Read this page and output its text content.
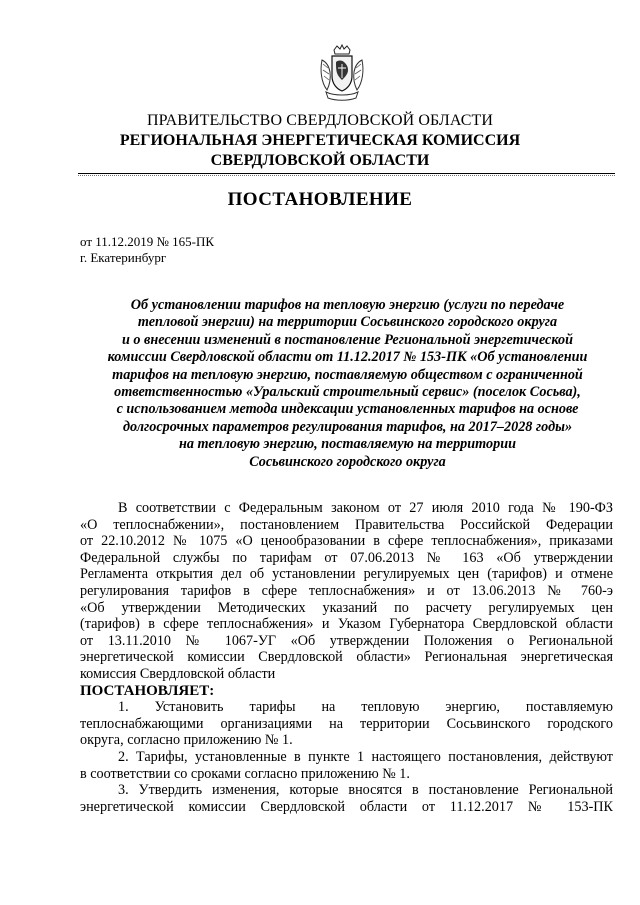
ПРАВИТЕЛЬСТВО СВЕРДЛОВСКОЙ ОБЛАСТИ
РЕГИОНАЛЬНАЯ ЭНЕРГЕТИЧЕСКАЯ КОМИССИЯ
СВЕРДЛОВСКОЙ ОБЛАСТИ
ПОСТАНОВЛЕНИЕ
от 11.12.2019 № 165-ПК
г. Екатеринбург
Об установлении тарифов на тепловую энергию (услуги по передаче
тепловой энергии) на территории Сосьвинского городского округа
и о внесении изменений в постановление Региональной энергетической
комиссии Свердловской области от 11.12.2017 № 153-ПК «Об установлении
тарифов на тепловую энергию, поставляемую обществом с ограниченной
ответственностью «Уральский строительный сервис» (поселок Сосьва),
с использованием метода индексации установленных тарифов на основе
долгосрочных параметров регулирования тарифов, на 2017–2028 годы»
на тепловую энергию, поставляемую на территории
Сосьвинского городского округа
В соответствии с Федеральным законом от 27 июля 2010 года № 190-ФЗ
«О теплоснабжении», постановлением Правительства Российской Федерации
от 22.10.2012 № 1075 «О ценообразовании в сфере теплоснабжения», приказами
Федеральной службы по тарифам от 07.06.2013 № 163 «Об утверждении
Регламента открытия дел об установлении регулируемых цен (тарифов) и отмене
регулирования тарифов в сфере теплоснабжения» и от 13.06.2013 № 760-э
«Об утверждении Методических указаний по расчету регулируемых цен
(тарифов) в сфере теплоснабжения» и Указом Губернатора Свердловской области
от 13.11.2010 № 1067-УГ «Об утверждении Положения о Региональной
энергетической комиссии Свердловской области» Региональная энергетическая
комиссия Свердловской области
ПОСТАНОВЛЯЕТ:
1. Установить тарифы на тепловую энергию, поставляемую
теплоснабжающими организациями на территории Сосьвинского городского
округа, согласно приложению № 1.
2. Тарифы, установленные в пункте 1 настоящего постановления, действуют
в соответствии со сроками согласно приложению № 1.
3. Утвердить изменения, которые вносятся в постановление Региональной
энергетической комиссии Свердловской области от 11.12.2017 № 153-ПК
